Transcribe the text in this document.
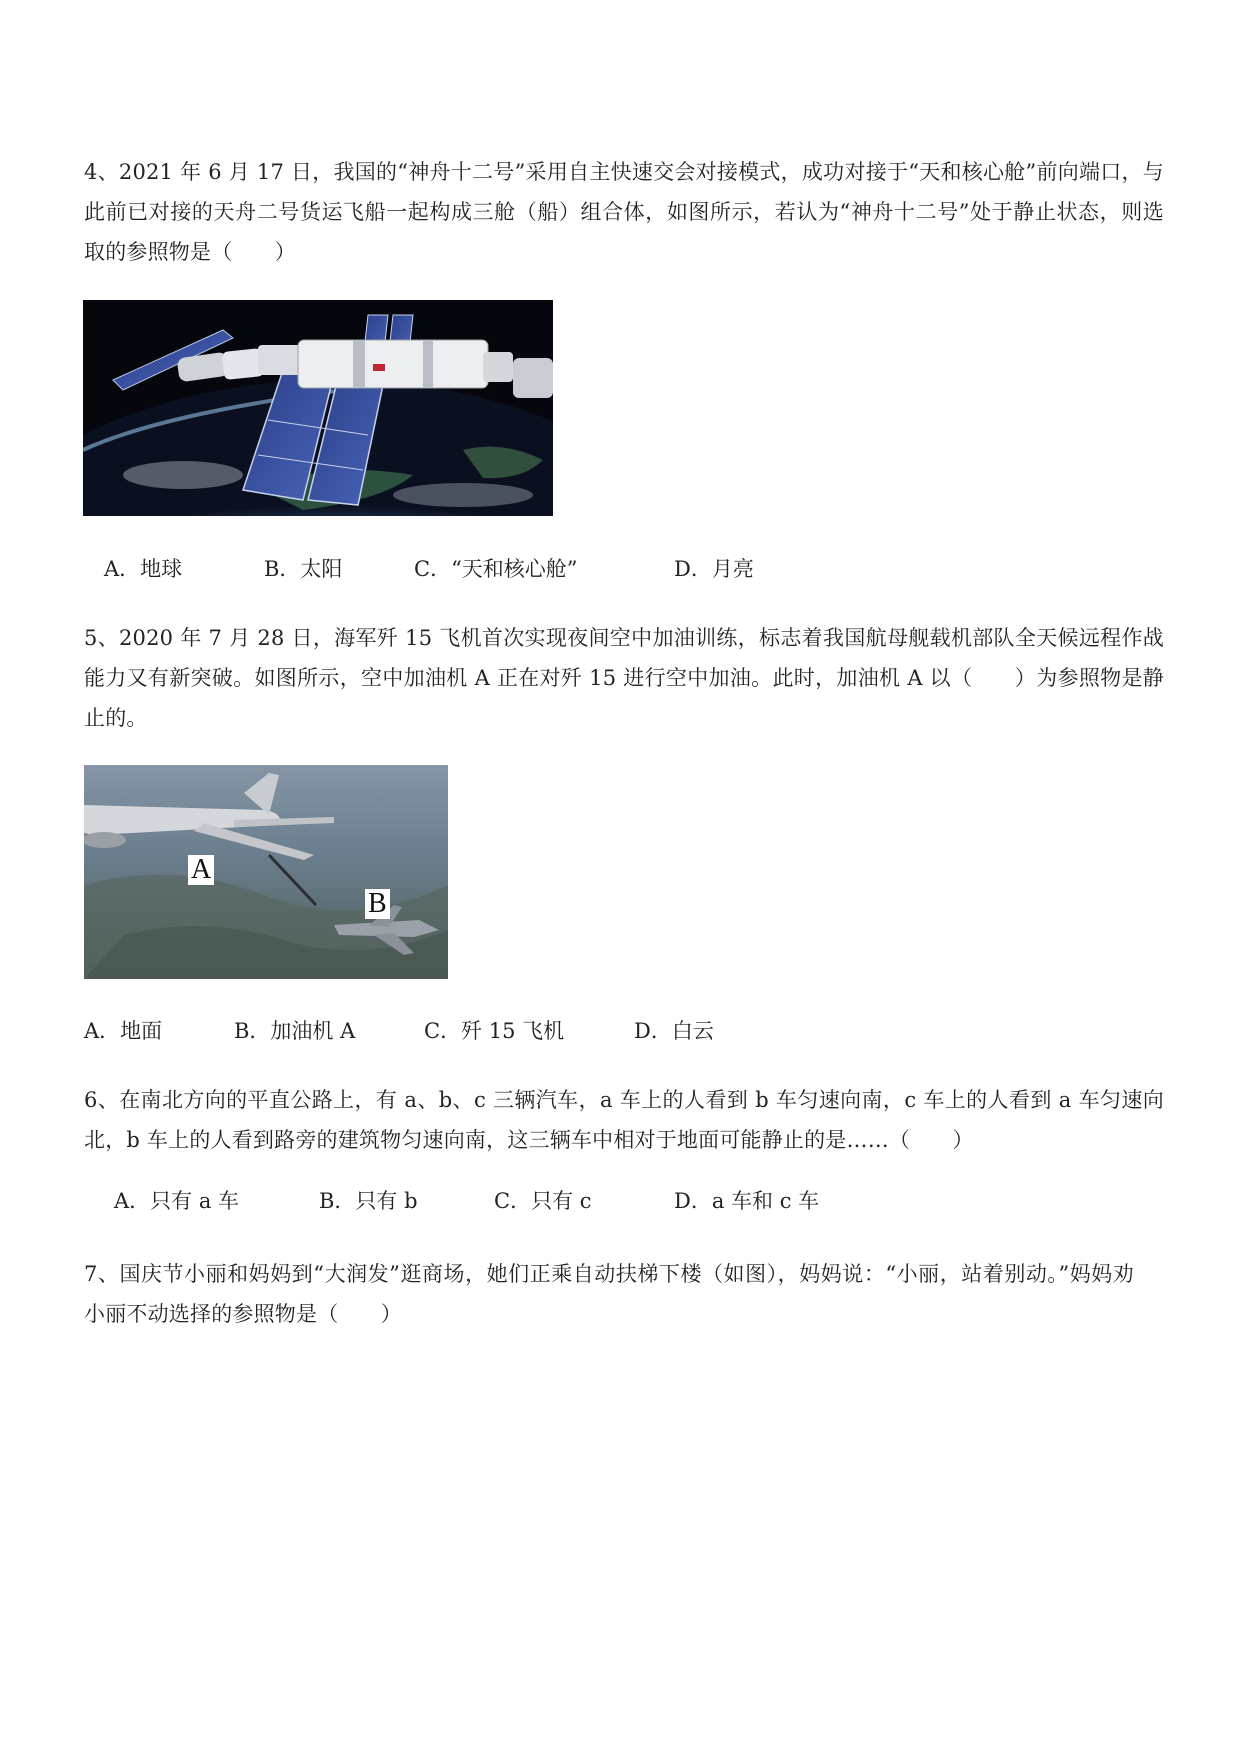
4、2021 年 6 月 17 日，我国的“神舟十二号”采用自主快速交会对接模式，成功对接于“天和核心舱”前向端口，与此前已对接的天舟二号货运飞船一起构成三舱（船）组合体，如图所示，若认为“神舟十二号”处于静止状态，则选取的参照物是（　　）
A．地球	B．太阳	C．“天和核心舱”	D．月亮
5、2020 年 7 月 28 日，海军歼 15 飞机首次实现夜间空中加油训练，标志着我国航母舰载机部队全天候远程作战能力又有新突破。如图所示，空中加油机 A 正在对歼 15 进行空中加油。此时，加油机 A 以（　　）为参照物是静止的。
A
B
A．地面	B．加油机 A	C．歼 15 飞机	D．白云
6、在南北方向的平直公路上，有 a、b、c 三辆汽车，a 车上的人看到 b 车匀速向南，c 车上的人看到 a 车匀速向北，b 车上的人看到路旁的建筑物匀速向南，这三辆车中相对于地面可能静止的是……（　　）
A．只有 a 车	B．只有 b	C．只有 c	D．a 车和 c 车
7、国庆节小丽和妈妈到“大润发”逛商场，她们正乘自动扶梯下楼（如图），妈妈说：“小丽，站着别动。”妈妈劝小丽不动选择的参照物是（　　）
